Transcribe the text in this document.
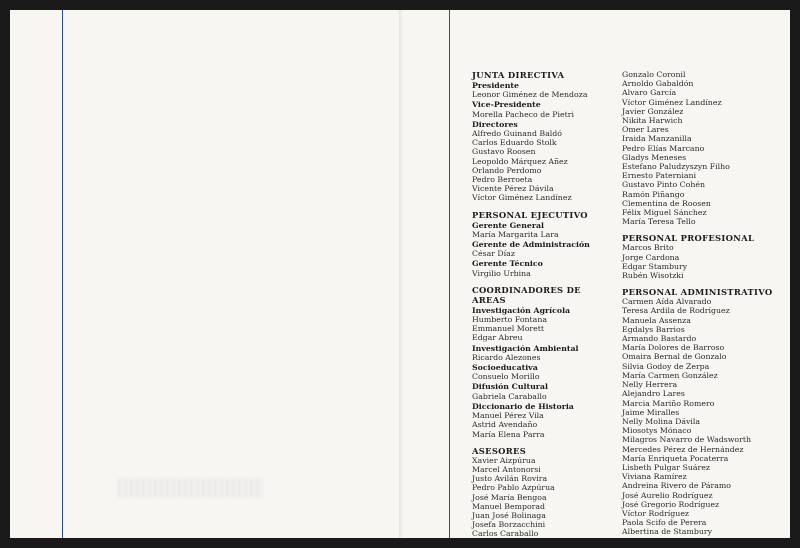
JUNTA DIRECTIVA
Presidente
Leonor Giménez de Mendoza
Vice-Presidente
Morella Pacheco de Pietri
Directores
Alfredo Guinand Baldó
Carlos Eduardo Stolk
Gustavo Roosen
Leopoldo Márquez Añez
Orlando Perdomo
Pedro Berroeta
Vicente Pérez Dávila
Víctor Giménez Landínez
PERSONAL EJECUTIVO
Gerente General
María Margarita Lara
Gerente de Administración
César Díaz
Gerente Técnico
Virgilio Urbina
COORDINADORES DE AREAS
Investigación Agrícola
Humberto Fontana
Emmanuel Morett
Edgar Abreu
Investigación Ambiental
Ricardo Alezones
Socioeducativa
Consuelo Morillo
Difusión Cultural
Gabriela Caraballo
Diccionario de Historia
Manuel Pérez Vila
Astrid Avendaño
María Elena Parra
ASESORES
Xavier Aizpúrua
Marcel Antonorsi
Justo Avilán Rovira
Pedro Pablo Azpúrua
José María Bengoa
Manuel Bemporad
Juan José Bolinaga
Josefa Borzacchini
Carlos Caraballo
Gonzalo Coronil
Arnoldo Gabaldón
Alvaro García
Víctor Giménez Landínez
Javier González
Nikita Harwich
Omer Lares
Iraida Manzanilla
Pedro Elías Marcano
Gladys Meneses
Estefano Paludzyszyn Filho
Ernesto Paterniani
Gustavo Pinto Cohén
Ramón Piñango
Clementina de Roosen
Félix Miguel Sánchez
María Teresa Tello
PERSONAL PROFESIONAL
Marcos Brito
Jorge Cardona
Edgar Stambury
Rubén Wisotzki
PERSONAL ADMINISTRATIVO
Carmen Aída Alvarado
Teresa Ardila de Rodríguez
Manuela Assenza
Egdalys Barrios
Armando Bastardo
María Dolores de Barroso
Omaira Bernal de Gonzalo
Silvia Godoy de Zerpa
María Carmen González
Nelly Herrera
Alejandro Lares
Marcia Mariño Romero
Jaime Miralles
Nelly Molina Dávila
Miosotys Mónaco
Milagros Navarro de Wadsworth
Mercedes Pérez de Hernández
María Enriqueta Pocaterra
Lisbeth Pulgar Suárez
Viviana Ramírez
Andreina Rivero de Páramo
José Aurelio Rodríguez
José Gregorio Rodríguez
Víctor Rodríguez
Paola Scifo de Perera
Albertina de Stambury
